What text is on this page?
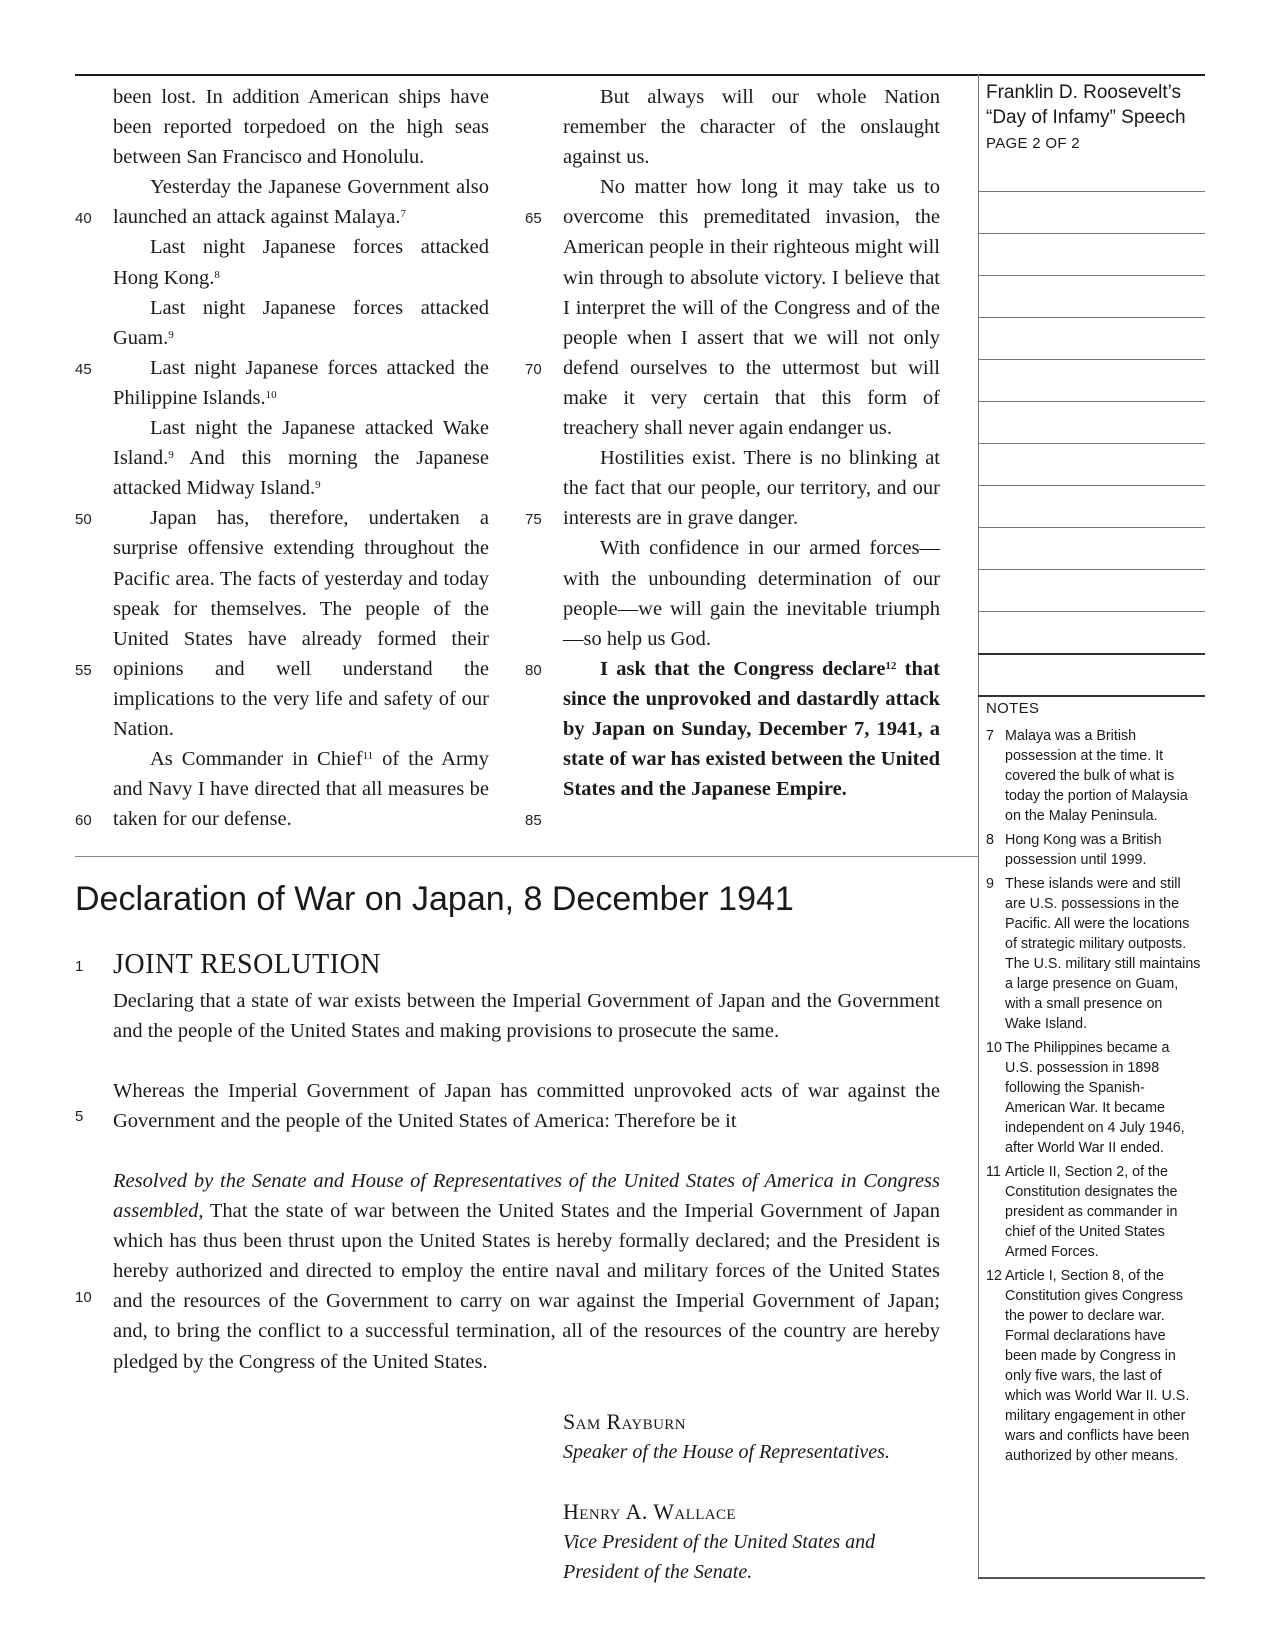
been lost. In addition American ships have been reported torpedoed on the high seas between San Francisco and Honolulu.

Yesterday the Japanese Government also launched an attack against Malaya.$^7$

Last night Japanese forces attacked Hong Kong.$^8$

Last night Japanese forces attacked Guam.$^9$

Last night Japanese forces attacked the Philippine Islands.$^{10}$

Last night the Japanese attacked Wake Island.$^9$ And this morning the Japanese attacked Midway Island.$^9$

Japan has, therefore, undertaken a surprise offensive extending throughout the Pacific area. The facts of yesterday and today speak for themselves. The people of the United States have already formed their opinions and well understand the implications to the very life and safety of our Nation.

As Commander in Chief$^{11}$ of the Army and Navy I have directed that all measures be taken for our defense.

But always will our whole Nation remember the character of the onslaught against us.

No matter how long it may take us to overcome this premeditated invasion, the American people in their righteous might will win through to absolute victory. I believe that I interpret the will of the Congress and of the people when I assert that we will not only defend ourselves to the uttermost but will make it very certain that this form of treachery shall never again endanger us.

Hostilities exist. There is no blinking at the fact that our people, our territory, and our interests are in grave danger.

With confidence in our armed forces—with the unbounding determination of our people—we will gain the inevitable triumph—so help us God.

I ask that the Congress declare$^{12}$ that since the unprovoked and dastardly attack by Japan on Sunday, December 7, 1941, a state of war has existed between the United States and the Japanese Empire.

40
45
50
55
60
65
70
75
80
85
Declaration of War on Japan, 8 December 1941
JOINT RESOLUTION

Declaring that a state of war exists between the Imperial Government of Japan and the Government and the people of the United States and making provisions to prosecute the same.

Whereas the Imperial Government of Japan has committed unprovoked acts of war against the Government and the people of the United States of America: Therefore be it

Resolved by the Senate and House of Representatives of the United States of America in Congress assembled, That the state of war between the United States and the Imperial Government of Japan which has thus been thrust upon the United States is hereby formally declared; and the President is hereby authorized and directed to employ the entire naval and military forces of the United States and the resources of the Government to carry on war against the Imperial Government of Japan; and, to bring the conflict to a successful termination, all of the resources of the country are hereby pledged by the Congress of the United States.

1
5
10
Sam Rayburn
Speaker of the House of Representatives.
Henry A. Wallace
Vice President of the United States and President of the Senate.
Franklin D. Roosevelt’s “Day of Infamy” Speech
PAGE 2 OF 2
NOTES
7 Malaya was a British possession at the time. It covered the bulk of what is today the portion of Malaysia on the Malay Peninsula.
8 Hong Kong was a British possession until 1999.
9 These islands were and still are U.S. possessions in the Pacific. All were the locations of strategic military outposts. The U.S. military still maintains a large presence on Guam, with a small presence on Wake Island.
10 The Philippines became a U.S. possession in 1898 following the Spanish-American War. It became independent on 4 July 1946, after World War II ended.
11 Article II, Section 2, of the Constitution designates the president as commander in chief of the United States Armed Forces.
12 Article I, Section 8, of the Constitution gives Congress the power to declare war. Formal declarations have been made by Congress in only five wars, the last of which was World War II. U.S. military engagement in other wars and conflicts have been authorized by other means.
